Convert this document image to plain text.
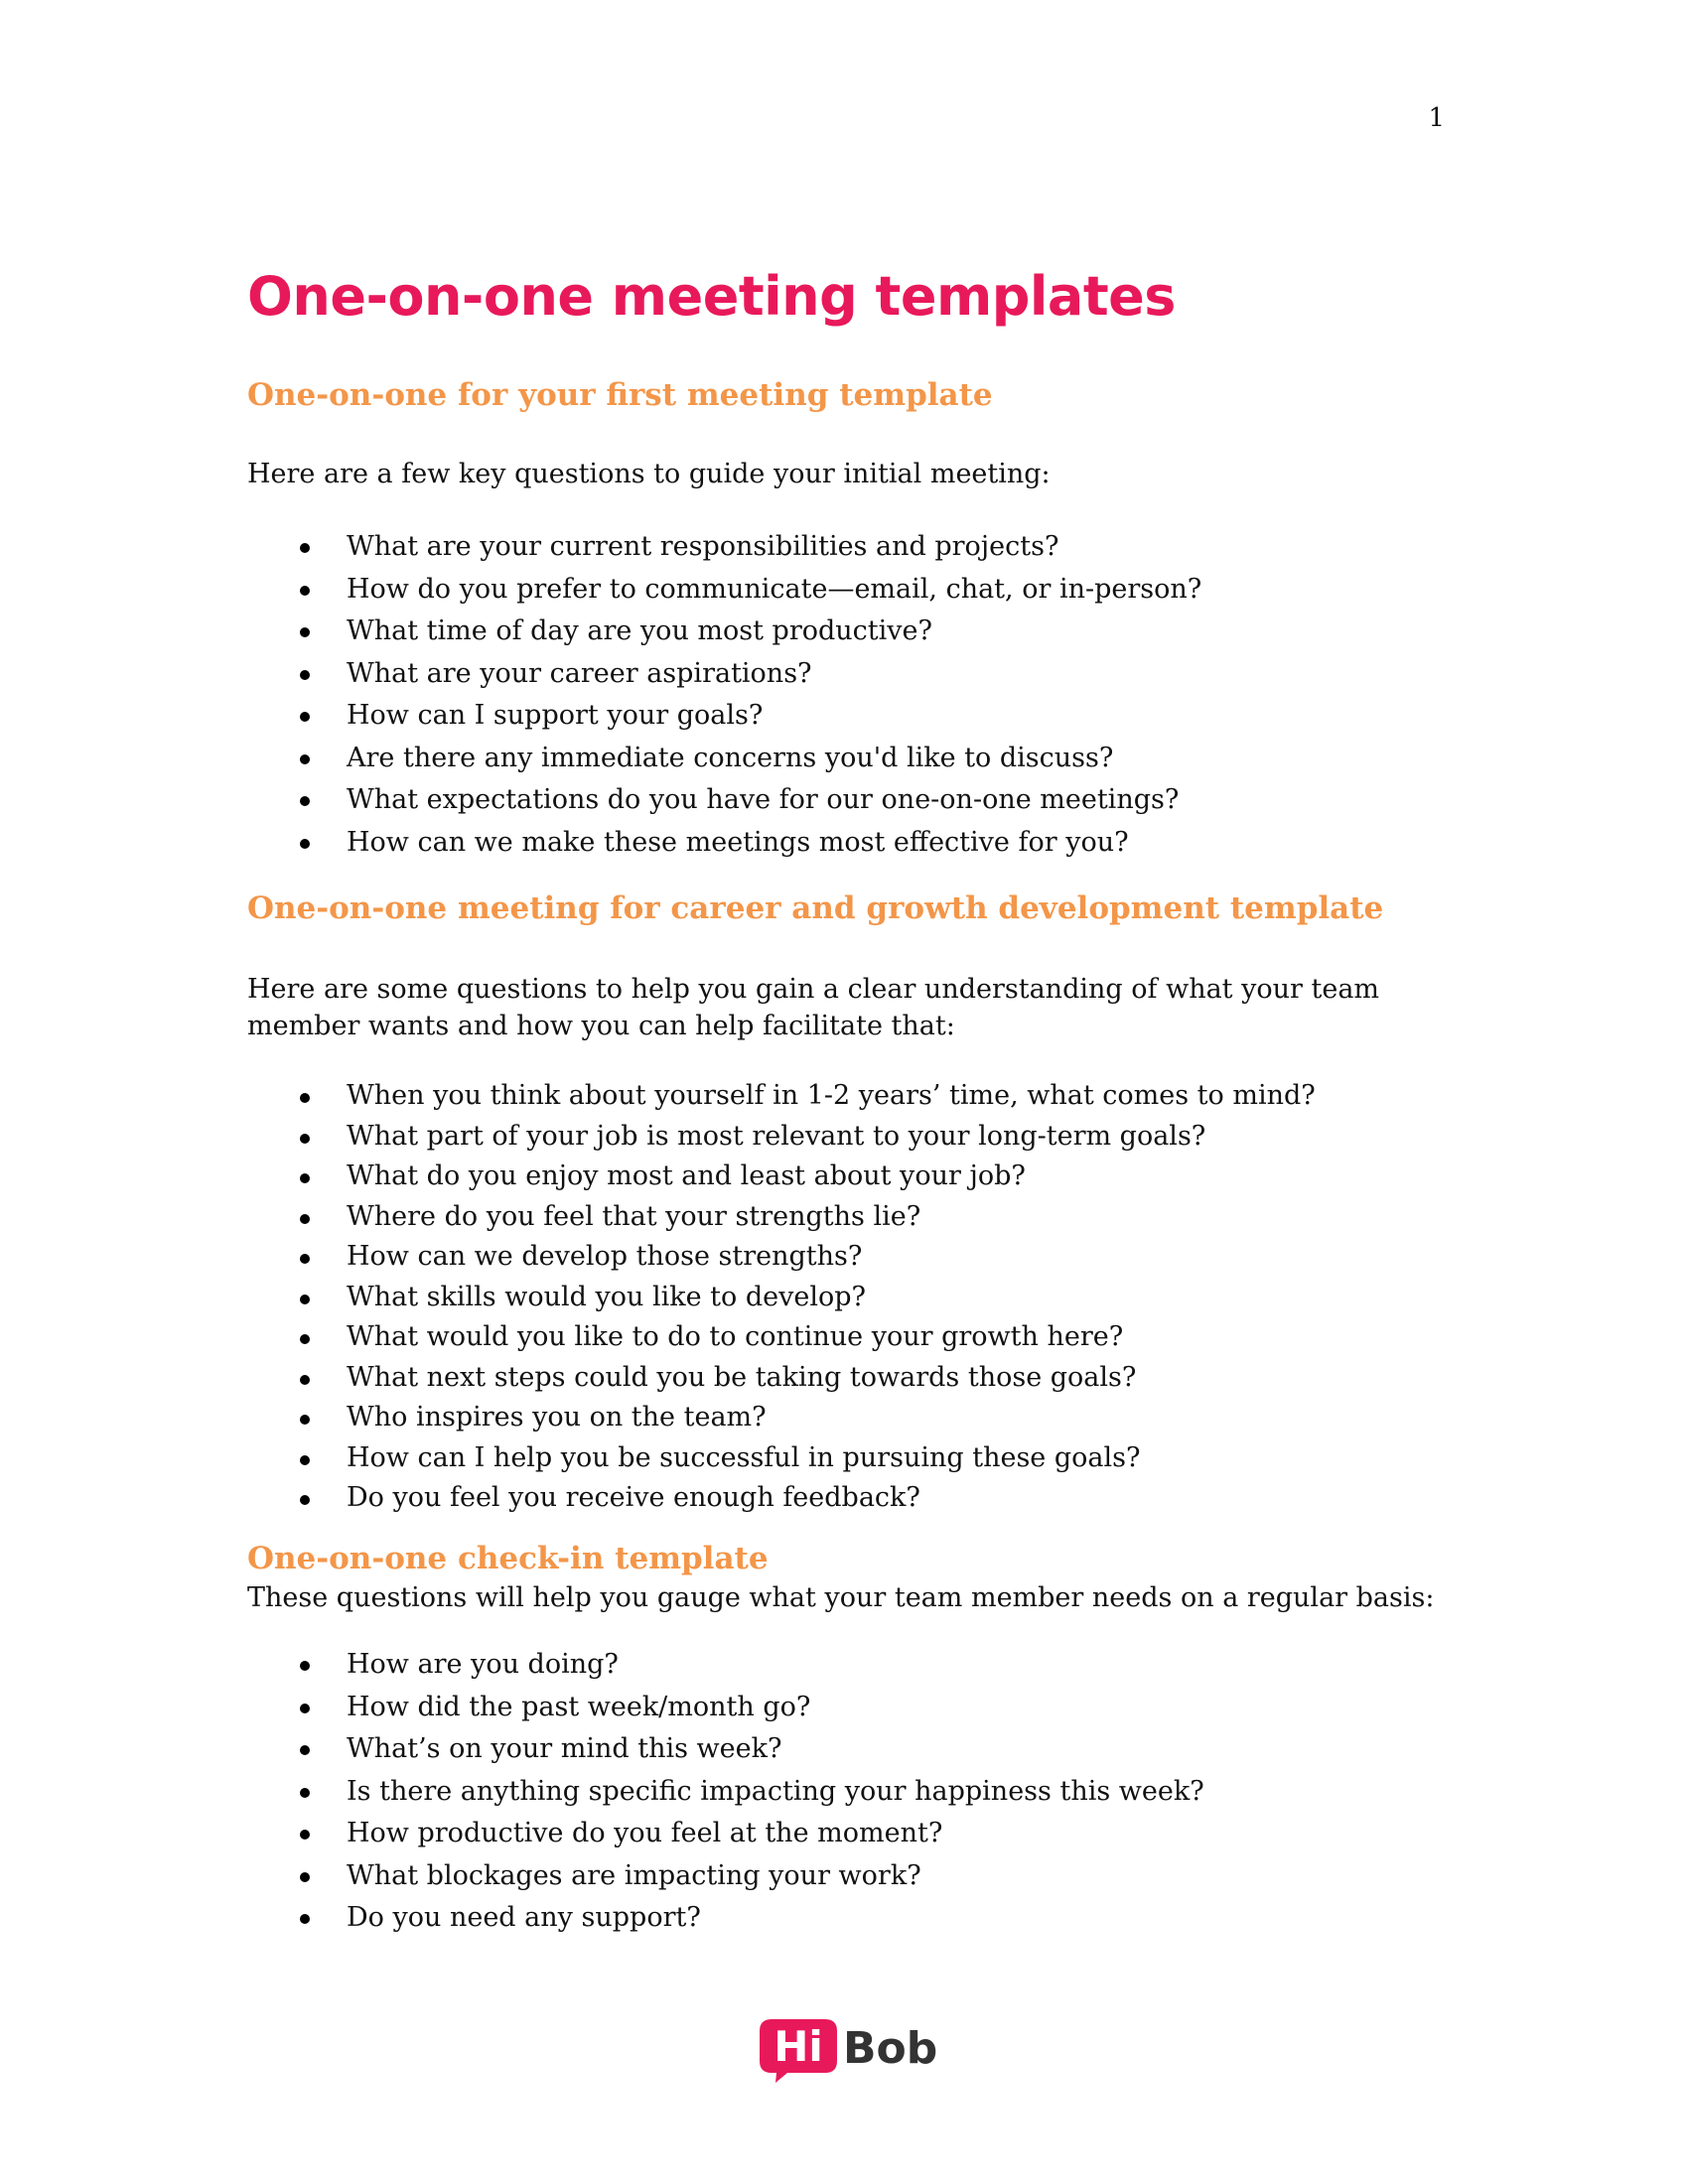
1
One-on-one meeting templates
One-on-one for your first meeting template

Here are a few key questions to guide your initial meeting:

What are your current responsibilities and projects?
How do you prefer to communicate—email, chat, or in-person?
What time of day are you most productive?
What are your career aspirations?
How can I support your goals?
Are there any immediate concerns you'd like to discuss?
What expectations do you have for our one-on-one meetings?
How can we make these meetings most effective for you?
One-on-one meeting for career and growth development template

Here are some questions to help you gain a clear understanding of what your team member wants and how you can help facilitate that:

When you think about yourself in 1-2 years’ time, what comes to mind?
What part of your job is most relevant to your long-term goals?
What do you enjoy most and least about your job?
Where do you feel that your strengths lie?
How can we develop those strengths?
What skills would you like to develop?
What would you like to do to continue your growth here?
What next steps could you be taking towards those goals?
Who inspires you on the team?
How can I help you be successful in pursuing these goals?
Do you feel you receive enough feedback?
One-on-one check-in template

These questions will help you gauge what your team member needs on a regular basis:

How are you doing?
How did the past week/month go?
What’s on your mind this week?
Is there anything specific impacting your happiness this week?
How productive do you feel at the moment?
What blockages are impacting your work?
Do you need any support?
Hi Bob
